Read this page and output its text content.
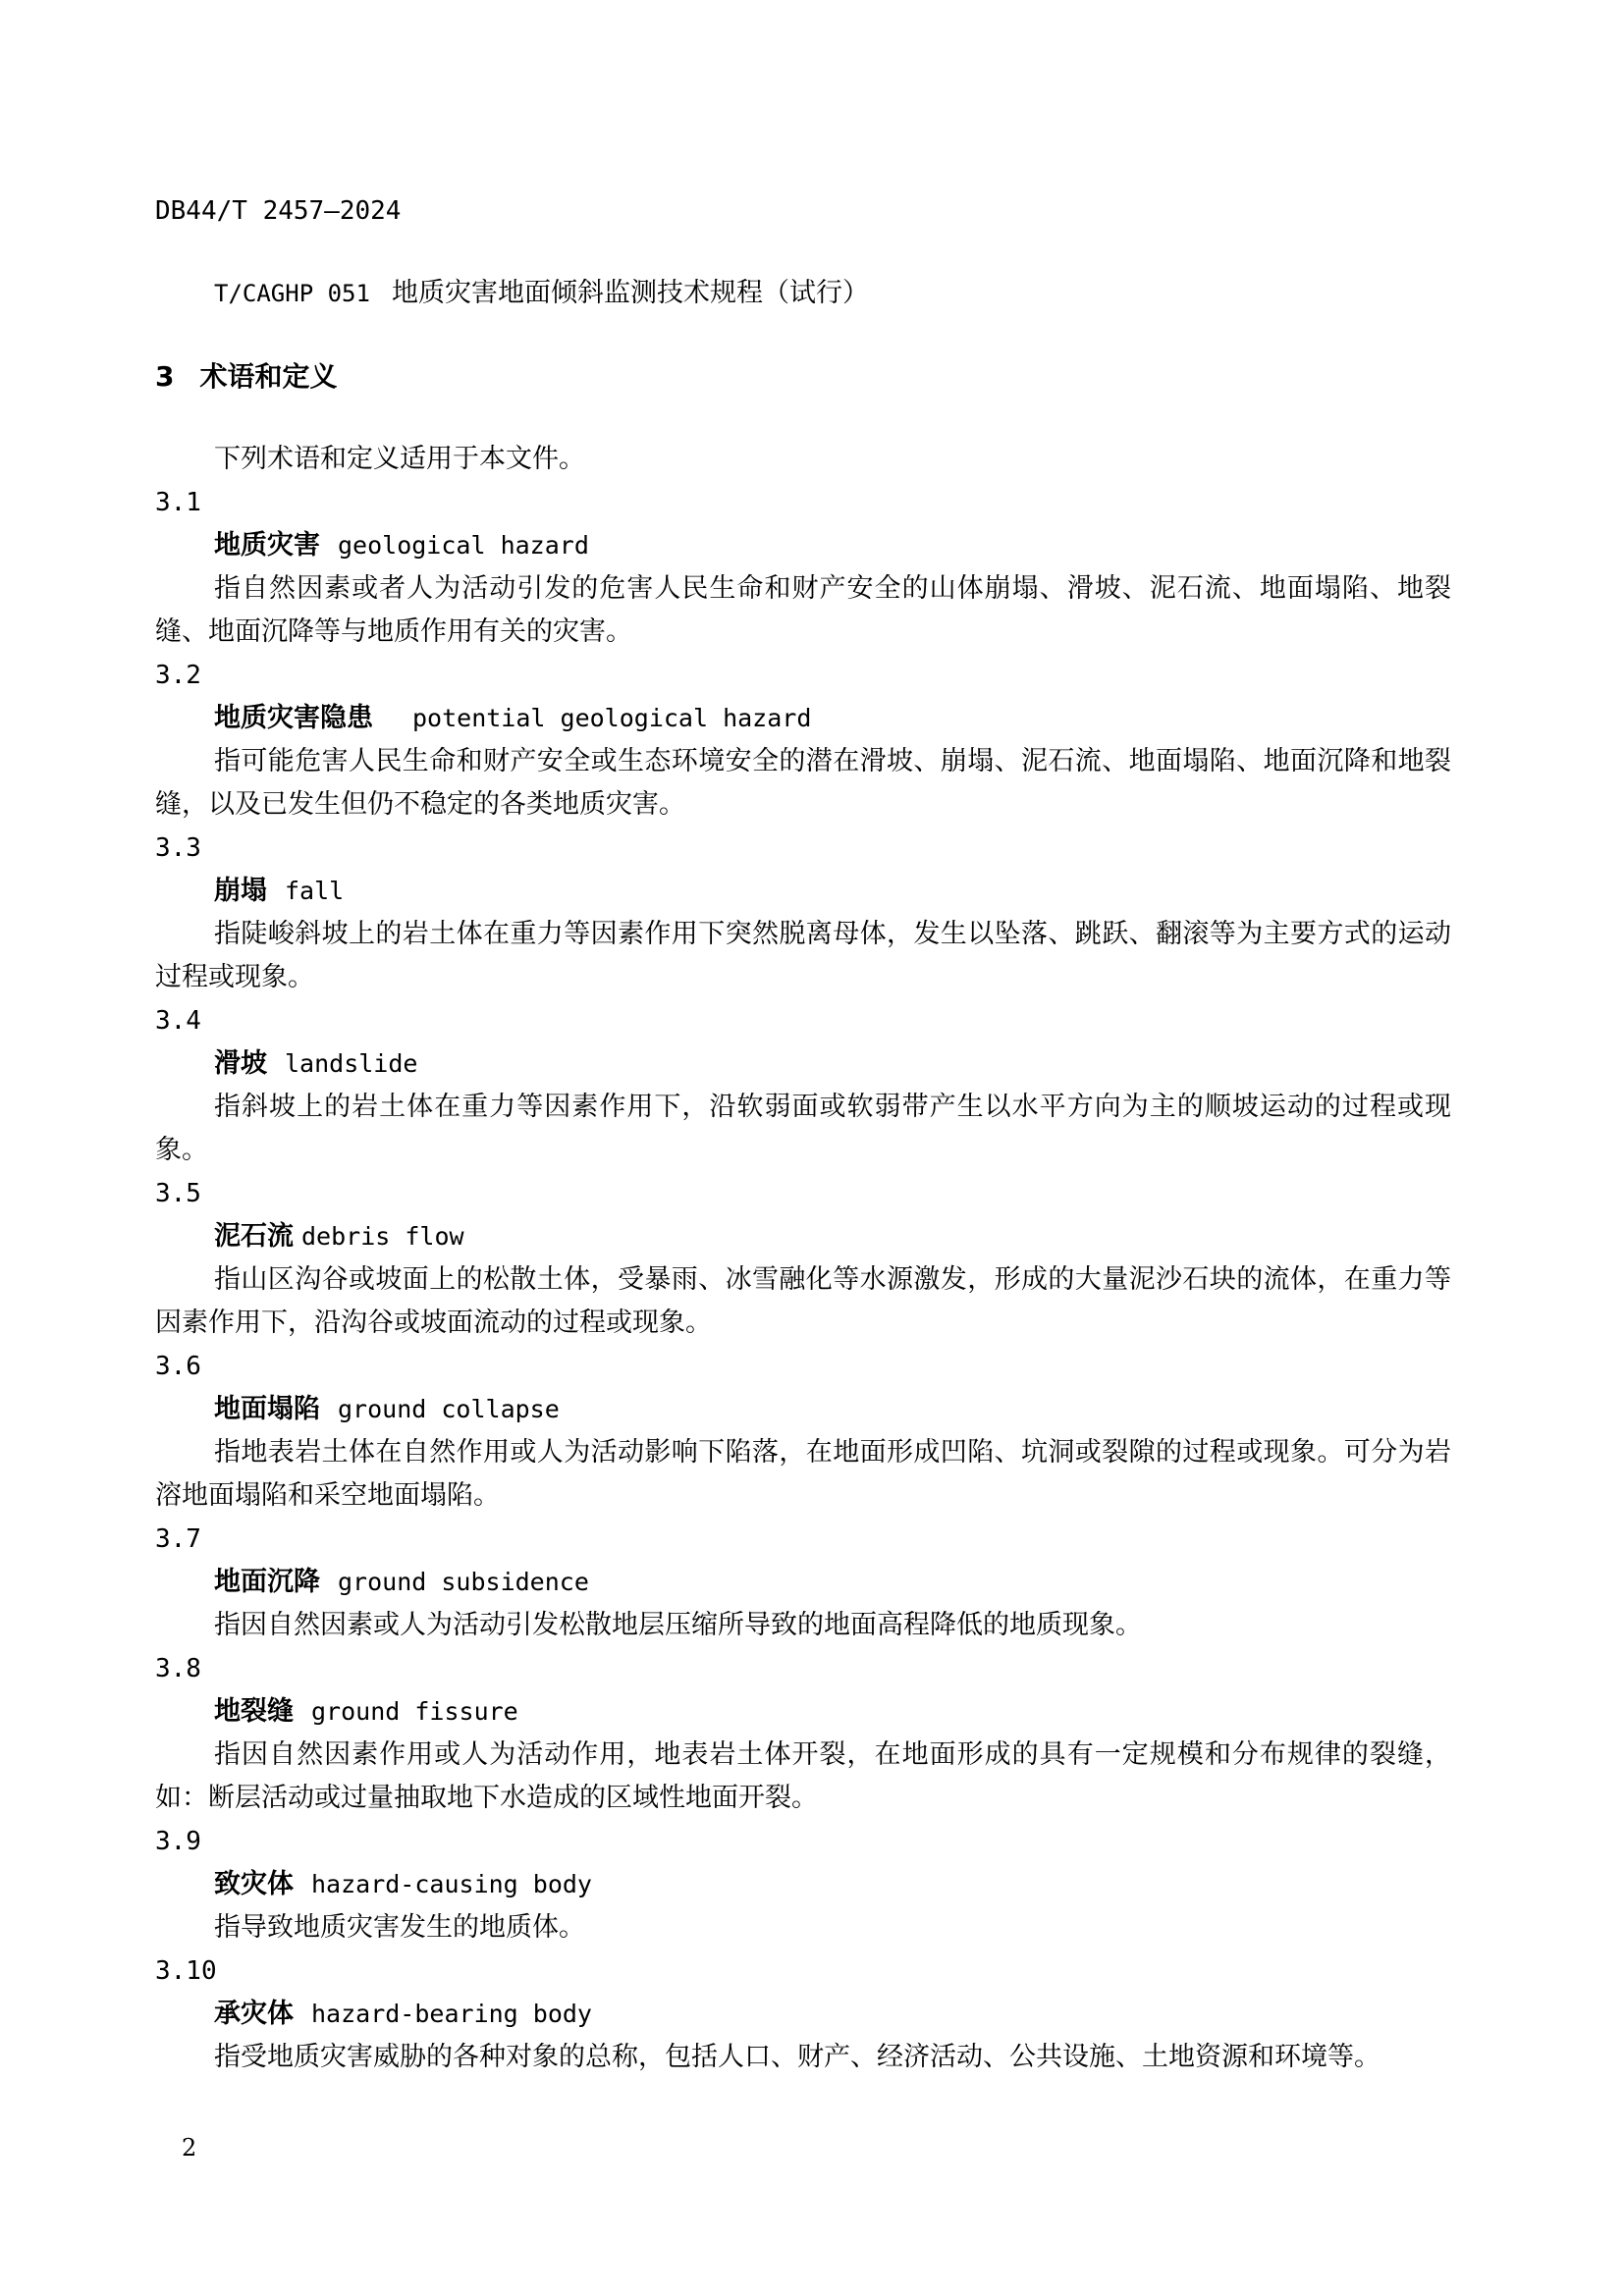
DB44/T 2457—2024
T/CAGHP 051 地质灾害地面倾斜监测技术规程（试行）
3 术语和定义
下列术语和定义适用于本文件。
3.1
地质灾害 geological hazard
指自然因素或者人为活动引发的危害人民生命和财产安全的山体崩塌、滑坡、泥石流、地面塌陷、地裂缝、地面沉降等与地质作用有关的灾害。
3.2
地质灾害隐患 potential geological hazard
指可能危害人民生命和财产安全或生态环境安全的潜在滑坡、崩塌、泥石流、地面塌陷、地面沉降和地裂缝，以及已发生但仍不稳定的各类地质灾害。
3.3
崩塌 fall
指陡峻斜坡上的岩土体在重力等因素作用下突然脱离母体，发生以坠落、跳跃、翻滚等为主要方式的运动过程或现象。
3.4
滑坡 landslide
指斜坡上的岩土体在重力等因素作用下，沿软弱面或软弱带产生以水平方向为主的顺坡运动的过程或现象。
3.5
泥石流 debris flow
指山区沟谷或坡面上的松散土体，受暴雨、冰雪融化等水源激发，形成的大量泥沙石块的流体，在重力等因素作用下，沿沟谷或坡面流动的过程或现象。
3.6
地面塌陷 ground collapse
指地表岩土体在自然作用或人为活动影响下陷落，在地面形成凹陷、坑洞或裂隙的过程或现象。可分为岩溶地面塌陷和采空地面塌陷。
3.7
地面沉降 ground subsidence
指因自然因素或人为活动引发松散地层压缩所导致的地面高程降低的地质现象。
3.8
地裂缝 ground fissure
指因自然因素作用或人为活动作用，地表岩土体开裂，在地面形成的具有一定规模和分布规律的裂缝，如：断层活动或过量抽取地下水造成的区域性地面开裂。
3.9
致灾体 hazard-causing body
指导致地质灾害发生的地质体。
3.10
承灾体 hazard-bearing body
指受地质灾害威胁的各种对象的总称，包括人口、财产、经济活动、公共设施、土地资源和环境等。
2
